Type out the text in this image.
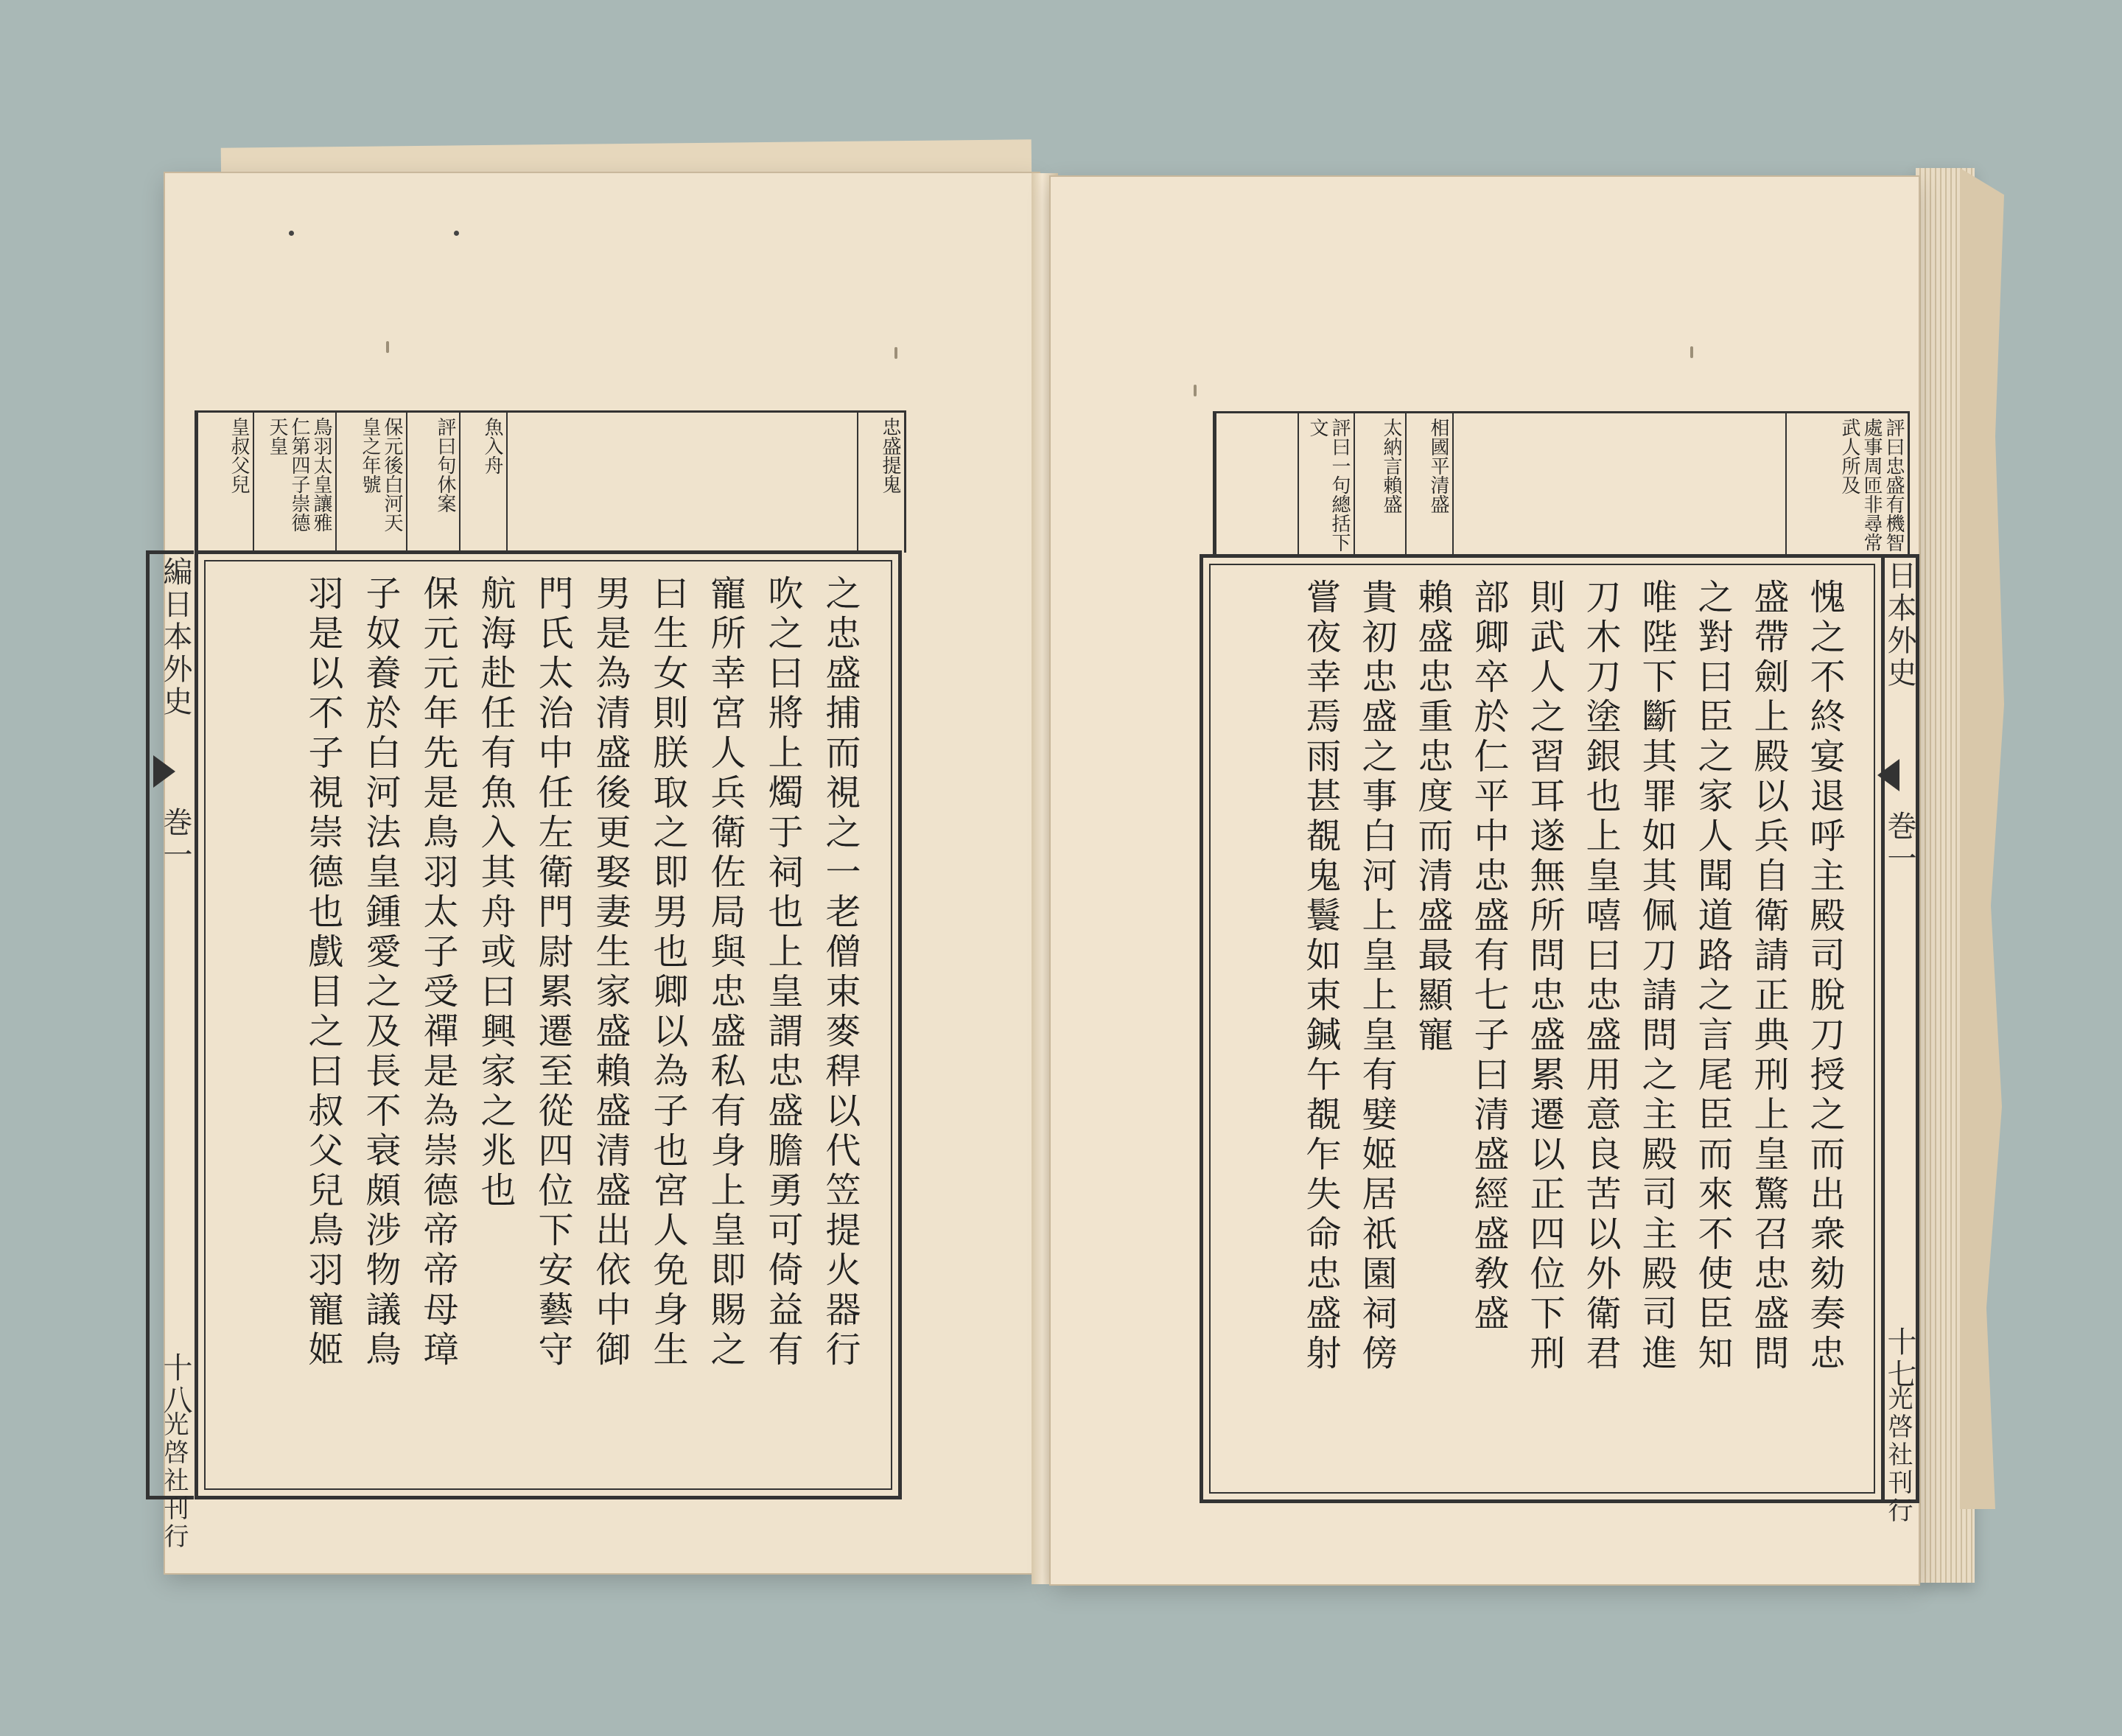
忠盛提鬼
魚入舟
評曰句休案
保元後白河天皇之年號
鳥羽太皇讓雅仁第四子崇德天皇
皇叔父兒
之忠盛捕而視之一老僧束麥稈以代笠提火器行
吹之曰將上燭于祠也上皇謂忠盛膽勇可倚益有
寵所幸宮人兵衛佐局與忠盛私有身上皇即賜之
曰生女則朕取之即男也卿以為子也宮人免身生
男是為清盛後更娶妻生家盛賴盛清盛出依中御
門氏太治中任左衛門尉累遷至從四位下安藝守
航海赴任有魚入其舟或曰興家之兆也
保元元年先是鳥羽太子受禪是為崇德帝帝母璋
子奴養於白河法皇鍾愛之及長不衰頗涉物議鳥
羽是以不子視崇德也戲目之曰叔父兒鳥羽寵姬
編日本外史
巻一
十八
光啓社刊行
評曰忠盛有機智處事周匝非尋常武人所及
相國平清盛
太納言賴盛
評曰一句總括下文
愧之不終宴退呼主殿司脫刀授之而出衆劾奏忠
盛帶劍上殿以兵自衛請正典刑上皇驚召忠盛問
之對曰臣之家人聞道路之言尾臣而來不使臣知
唯陛下斷其罪如其佩刀請問之主殿司主殿司進
刀木刀塗銀也上皇嘻曰忠盛用意良苦以外衛君
則武人之習耳遂無所問忠盛累遷以正四位下刑
部卿卒於仁平中忠盛有七子曰清盛經盛敎盛
賴盛忠重忠度而清盛最顯寵
貴初忠盛之事白河上皇上皇有嬖姬居祇園祠傍
嘗夜幸焉雨甚覩鬼鬟如束鍼午覩乍失命忠盛射	日本外史
巻一
十七
光啓社刊行
